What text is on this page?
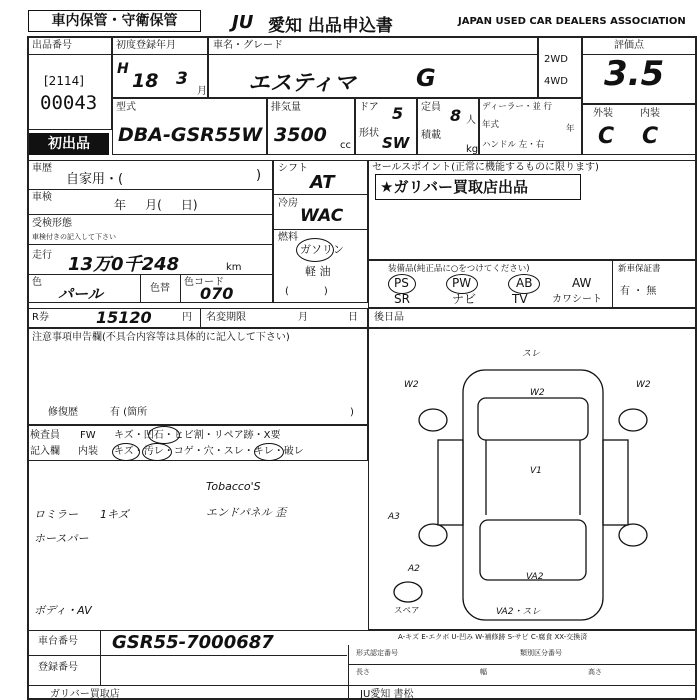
車内保管・守衛保管	JU 愛知 出品申込書	JAPAN USED CAR DEALERS ASSOCIATION
出品番号
[2114]
00043
初出品
初度登録年月
H
18 3
月
車名・グレード
エスティマ	G
2WD
4WD
評価点
3.5
型式
DBA-GSR55W
排気量
3500 cc
ドア 5
形状
SW
定員 8 人
積載
kg
ディーラー・並 行
年式	年
ハンドル 左・右
外装	内装
C C
車歴
自家用・(	)
車検
年     月(     日)
受検形態
車検付きの記入して下さい
走行 13万0千248	km
色
パール	色替
色コード
070
シフト
AT
冷房
WAC
燃料
ガソリン
軽 油
(           )
セールスポイント(正常に機能するものに限ります)
★ガリバー買取店出品
装備品(純正品に○をつけてください)	新車保証書
有 ・ 無
PS	PW	AB	AW
SR	ナビ	TV カワシート
R券	15120	円 名変期限	月	日 後日品
注意事項申告欄(不具合内容等は具体的に記入して下さい)
修復歴	有 (箇所	)
検査員
記入欄
FW キズ・凹石・ヒビ割・リペア跡・X要
内装 キズ・汚レ・コゲ・穴・スレ・キレ・破レ
Tobacco'S
ロミラー 1キズ	エンドパネル 歪
ホースパー
ボディ・AV
スレ
W2
W2
W2
V1
A3
A2
VA2
VA2・スレ
スペア
A-キズ E-エクボ U-凹み W-補修跡 S-サビ C-腐食 XX-交換済
車台番号 GSR55-7000687
登録番号
形式認定番号	類別区分番号
長さ	幅	高さ
ガリバー買取店	JU愛知 書松
